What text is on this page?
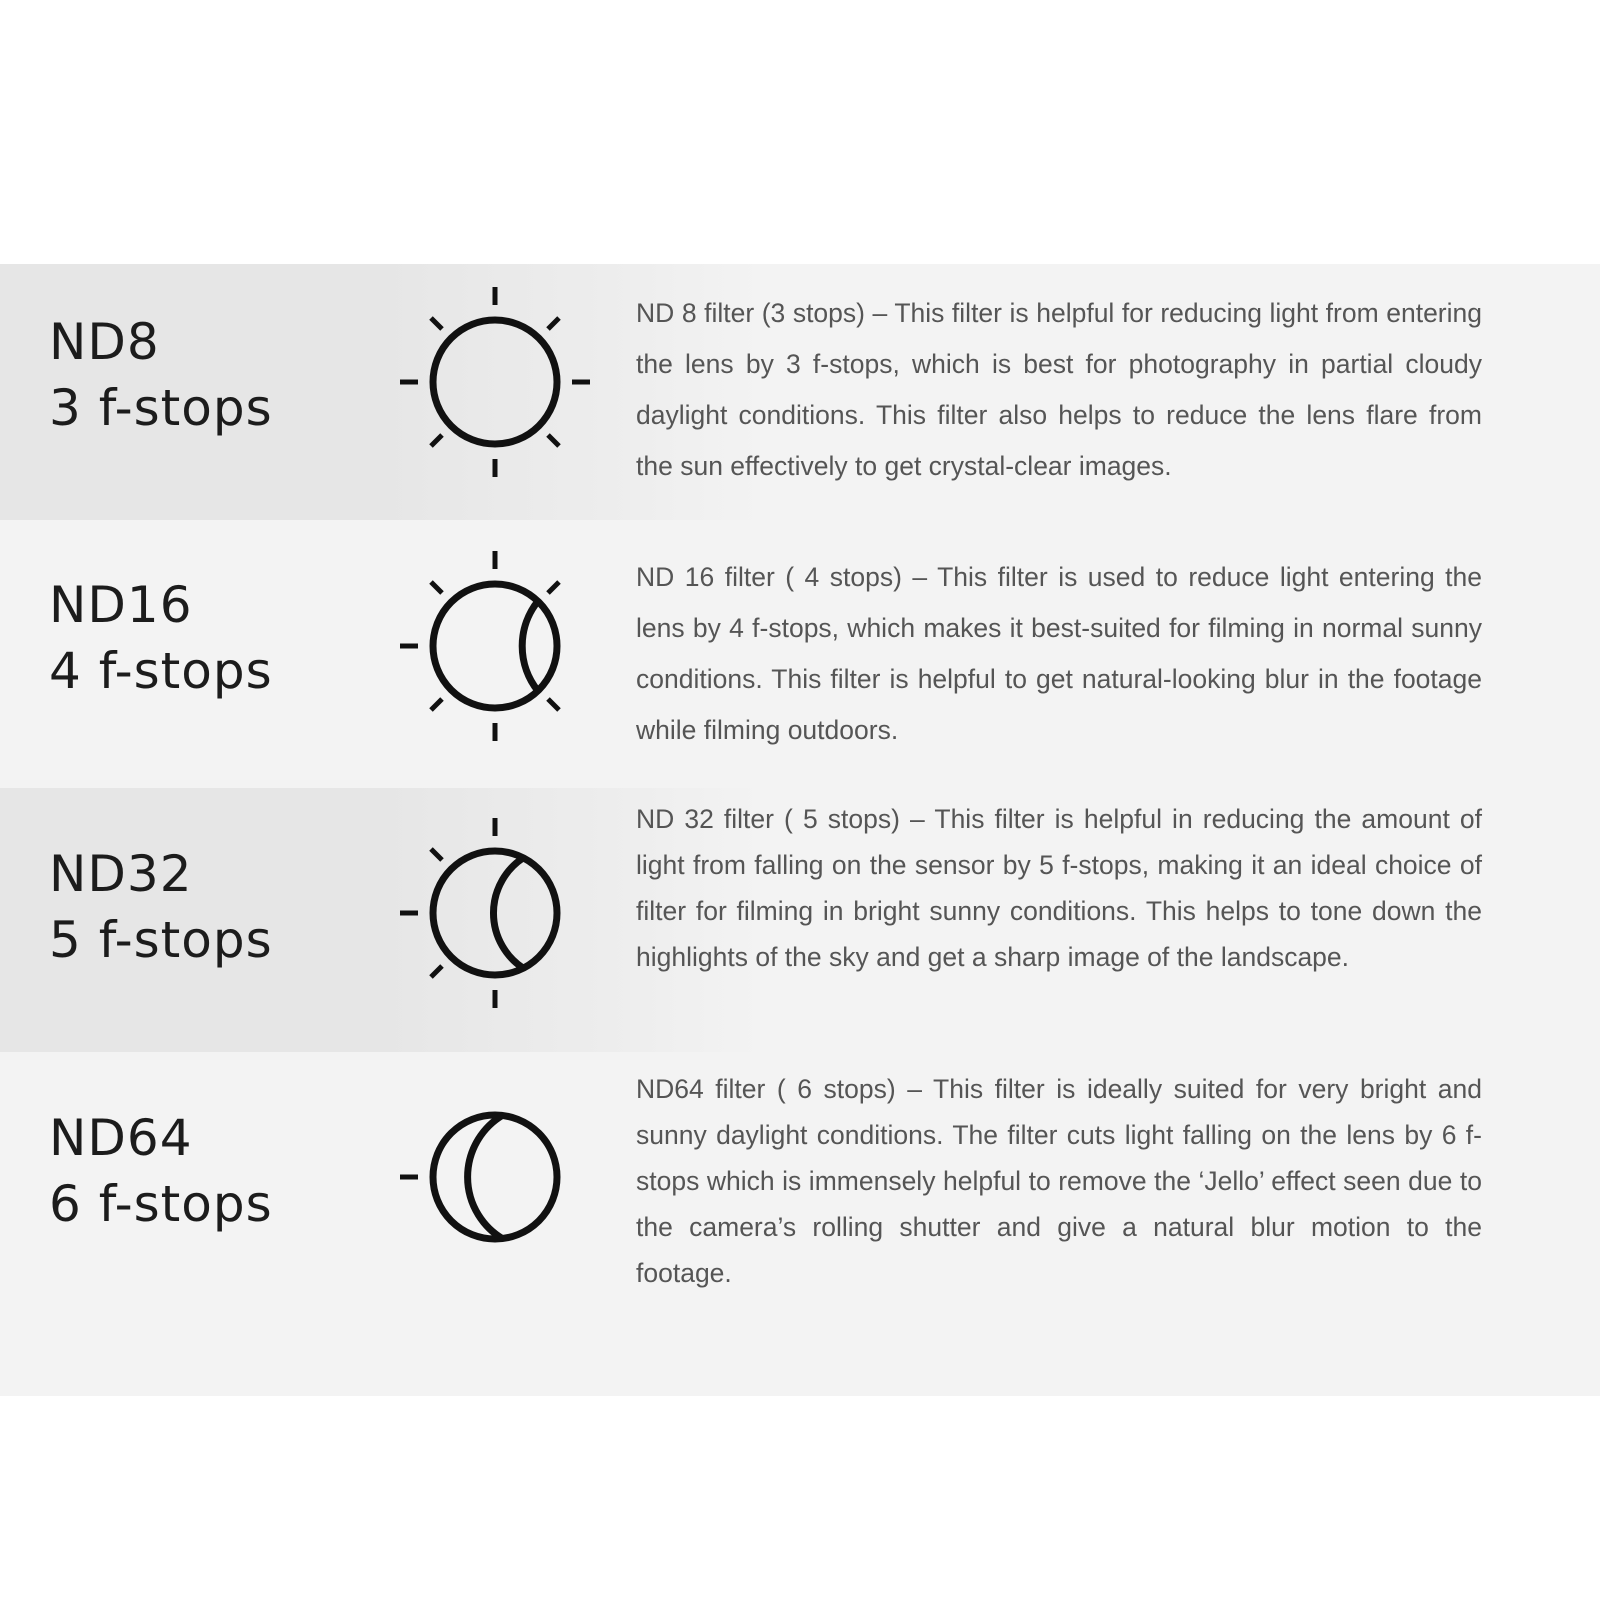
ND8
3 f-stops

ND 8 filter (3 stops) – This filter is helpful for reducing light from entering the lens by 3 f-stops, which is best for photography in partial cloudy daylight conditions. This filter also helps to reduce the lens flare from the sun effectively to get crystal-clear images.

ND16
4 f-stops

ND 16 filter ( 4 stops) – This filter is used to reduce light entering the lens by 4 f-stops, which makes it best-suited for filming in normal sunny conditions. This filter is helpful to get natural-looking blur in the footage while filming outdoors.

ND32
5 f-stops

ND 32 filter ( 5 stops) – This filter is helpful in reducing the amount of light from falling on the sensor by 5 f-stops, making it an ideal choice of filter for filming in bright sunny conditions. This helps to tone down the highlights of the sky and get a sharp image of the landscape.

ND64
6 f-stops

ND64 filter ( 6 stops) – This filter is ideally suited for very bright and sunny daylight conditions. The filter cuts light falling on the lens by 6 f-stops which is immensely helpful to remove the ‘Jello’ effect seen due to the camera’s rolling shutter and give a natural blur motion to the footage.
